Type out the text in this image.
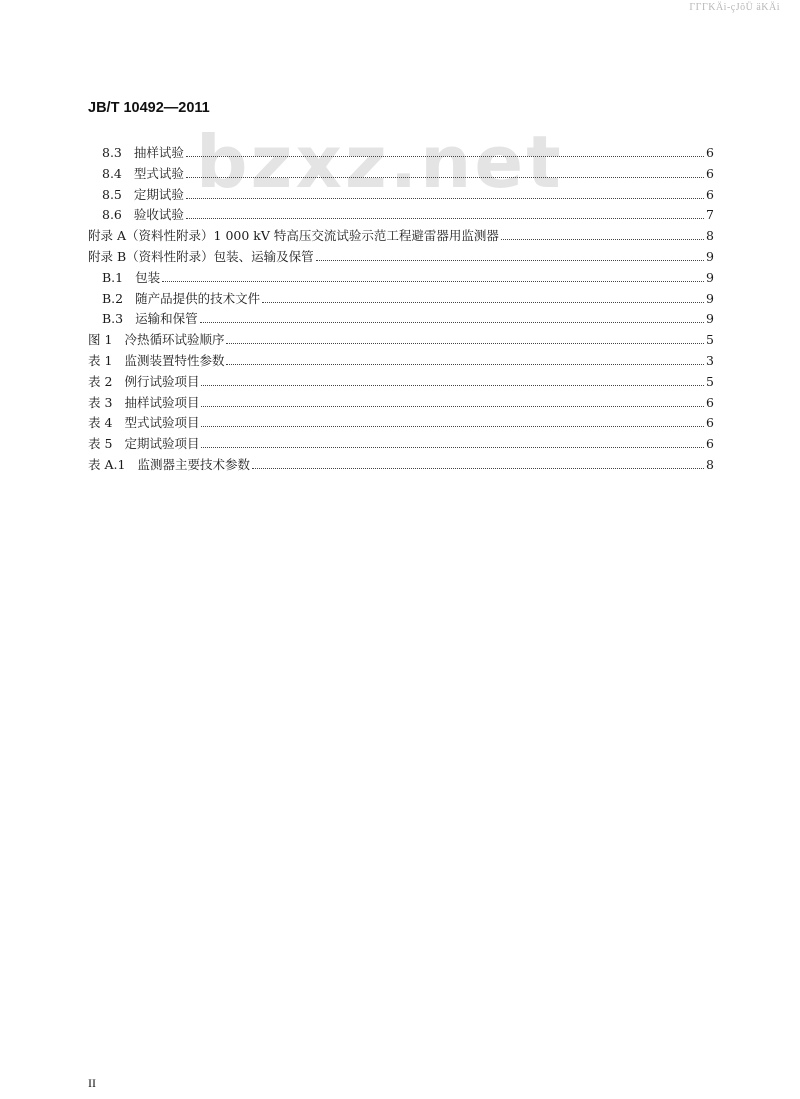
ΓΓΓKÄi-çJõÜ äKÄi
JB/T 10492—2011
bzxz.net
8.3 抽样试验	6
8.4 型式试验	6
8.5 定期试验	6
8.6 验收试验	7
附录 A （资料性附录）1 000 kV 特高压交流试验示范工程避雷器用监测器	8
附录 B （资料性附录）包装、运输及保管	9
B.1 包装	9
B.2 随产品提供的技术文件	9
B.3 运输和保管	9
图 1 冷热循环试验顺序	5
表 1 监测装置特性参数	3
表 2 例行试验项目	5
表 3 抽样试验项目	6
表 4 型式试验项目	6
表 5 定期试验项目	6
表 A.1 监测器主要技术参数	8
II
